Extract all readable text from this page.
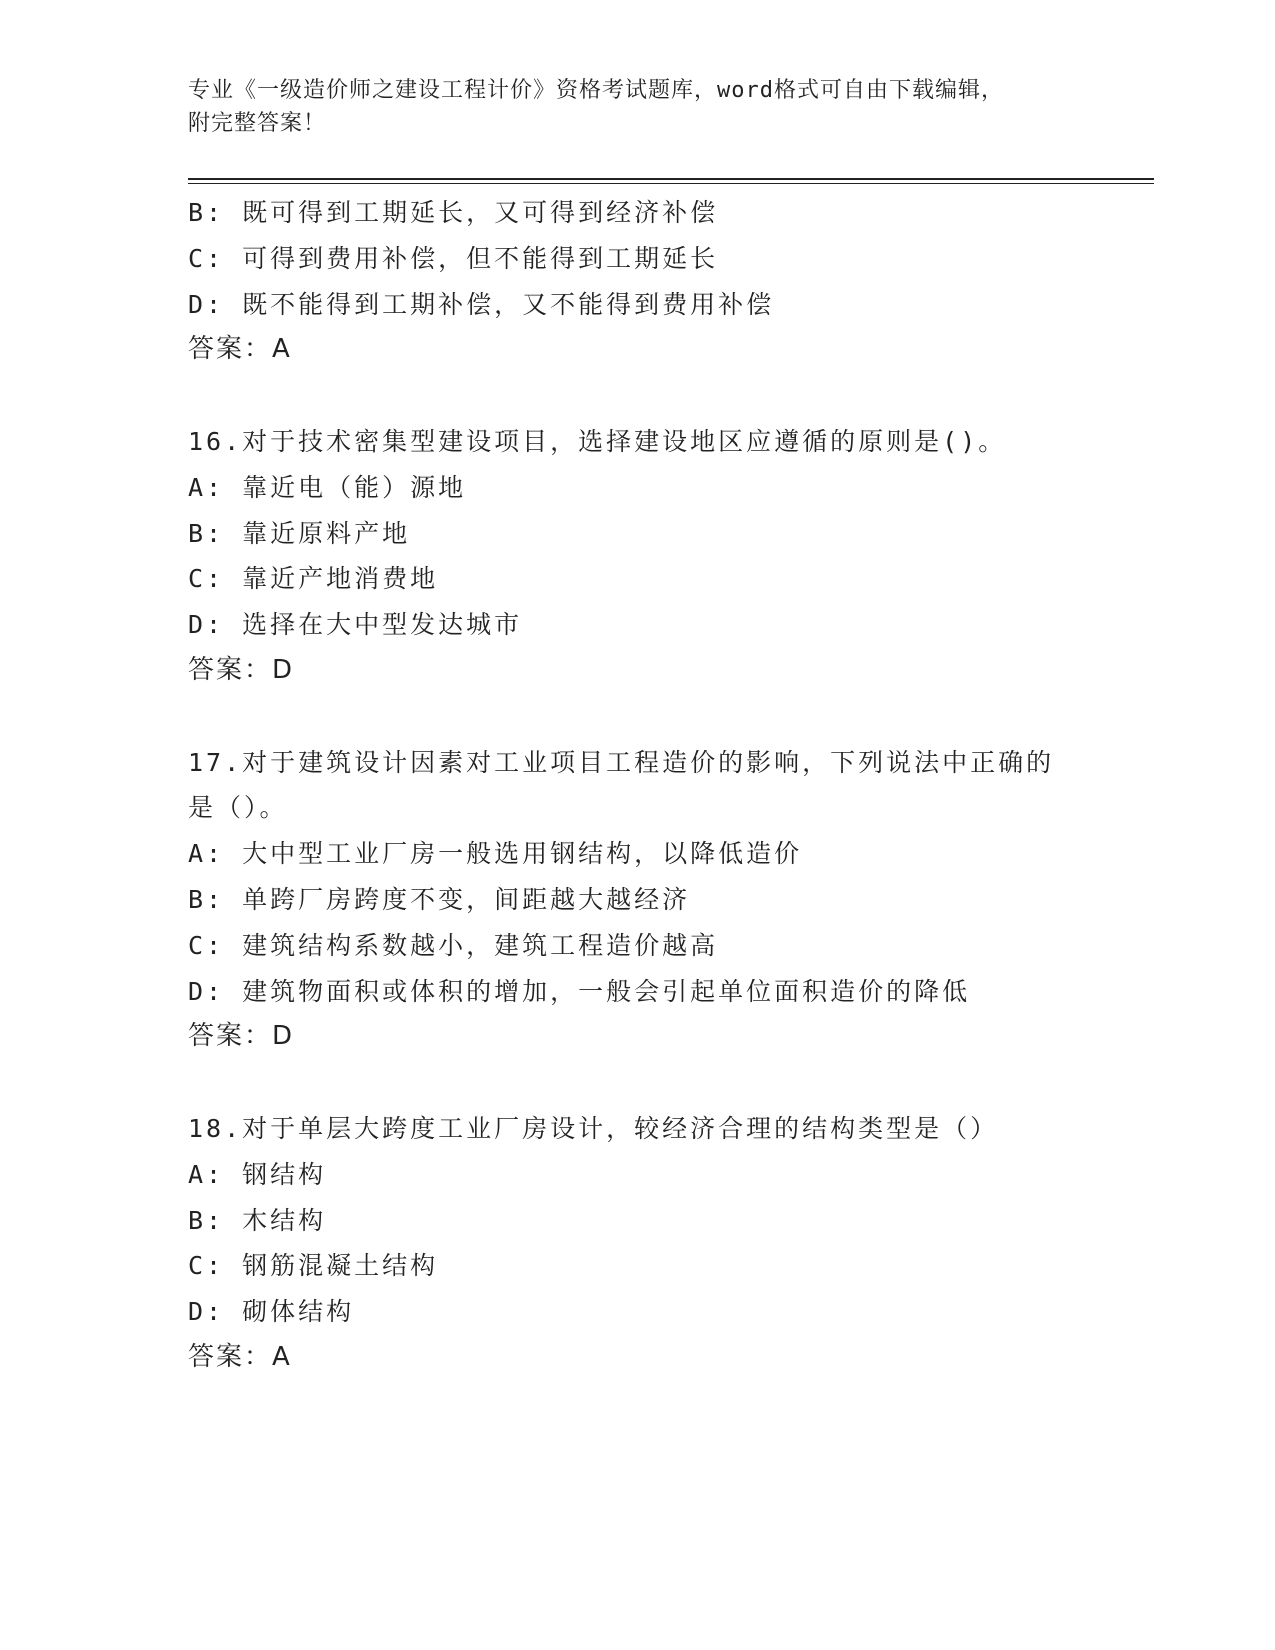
专业《一级造价师之建设工程计价》资格考试题库，word格式可自由下载编辑，
附完整答案！
B: 既可得到工期延长，又可得到经济补偿
C: 可得到费用补偿，但不能得到工期延长
D: 既不能得到工期补偿，又不能得到费用补偿
答案：A
16.对于技术密集型建设项目，选择建设地区应遵循的原则是()。
A: 靠近电（能）源地
B: 靠近原料产地
C: 靠近产地消费地
D: 选择在大中型发达城市
答案：D
17.对于建筑设计因素对工业项目工程造价的影响，下列说法中正确的
是（）。
A: 大中型工业厂房一般选用钢结构，以降低造价
B: 单跨厂房跨度不变，间距越大越经济
C: 建筑结构系数越小，建筑工程造价越高
D: 建筑物面积或体积的增加，一般会引起单位面积造价的降低
答案：D
18.对于单层大跨度工业厂房设计，较经济合理的结构类型是（）
A: 钢结构
B: 木结构
C: 钢筋混凝土结构
D: 砌体结构
答案：A
